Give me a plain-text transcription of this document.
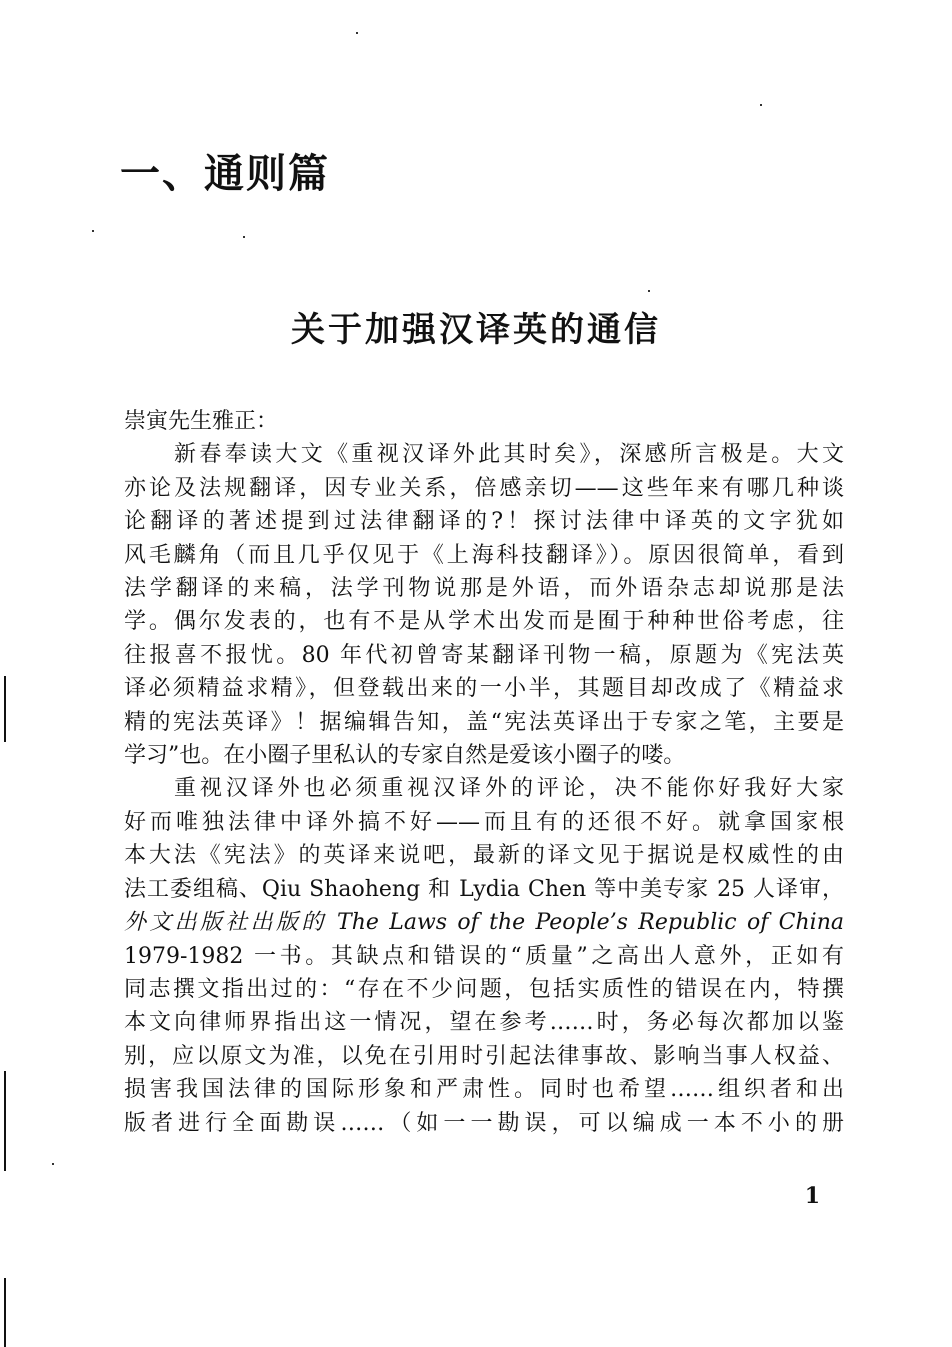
一、通则篇
关于加强汉译英的通信
崇寅先生雅正：
新春奉读大文《重视汉译外此其时矣》，深感所言极是。大文
亦论及法规翻译，因专业关系，倍感亲切——这些年来有哪几种谈
论翻译的著述提到过法律翻译的?！探讨法律中译英的文字犹如
风毛麟角（而且几乎仅见于《上海科技翻译》）。原因很简单，看到
法学翻译的来稿，法学刊物说那是外语，而外语杂志却说那是法
学。偶尔发表的，也有不是从学术出发而是囿于种种世俗考虑，往
往报喜不报忧。80 年代初曾寄某翻译刊物一稿，原题为《宪法英
译必须精益求精》，但登载出来的一小半，其题目却改成了《精益求
精的宪法英译》！据编辑告知，盖“宪法英译出于专家之笔，主要是
学习”也。在小圈子里私认的专家自然是爱该小圈子的喽。
重视汉译外也必须重视汉译外的评论，决不能你好我好大家
好而唯独法律中译外搞不好——而且有的还很不好。就拿国家根
本大法《宪法》的英译来说吧，最新的译文见于据说是权威性的由
法工委组稿、Qiu Shaoheng 和 Lydia Chen 等中美专家 25 人译审，
外文出版社出版的 The Laws of the People’s Republic of China
1979-1982 一书。其缺点和错误的“质量”之高出人意外，正如有
同志撰文指出过的：“存在不少问题，包括实质性的错误在内，特撰
本文向律师界指出这一情况，望在参考……时，务必每次都加以鉴
别，应以原文为准，以免在引用时引起法律事故、影响当事人权益、
损害我国法律的国际形象和严肃性。同时也希望……组织者和出
版者进行全面勘误……（如一一勘误，可以编成一本不小的册
1
